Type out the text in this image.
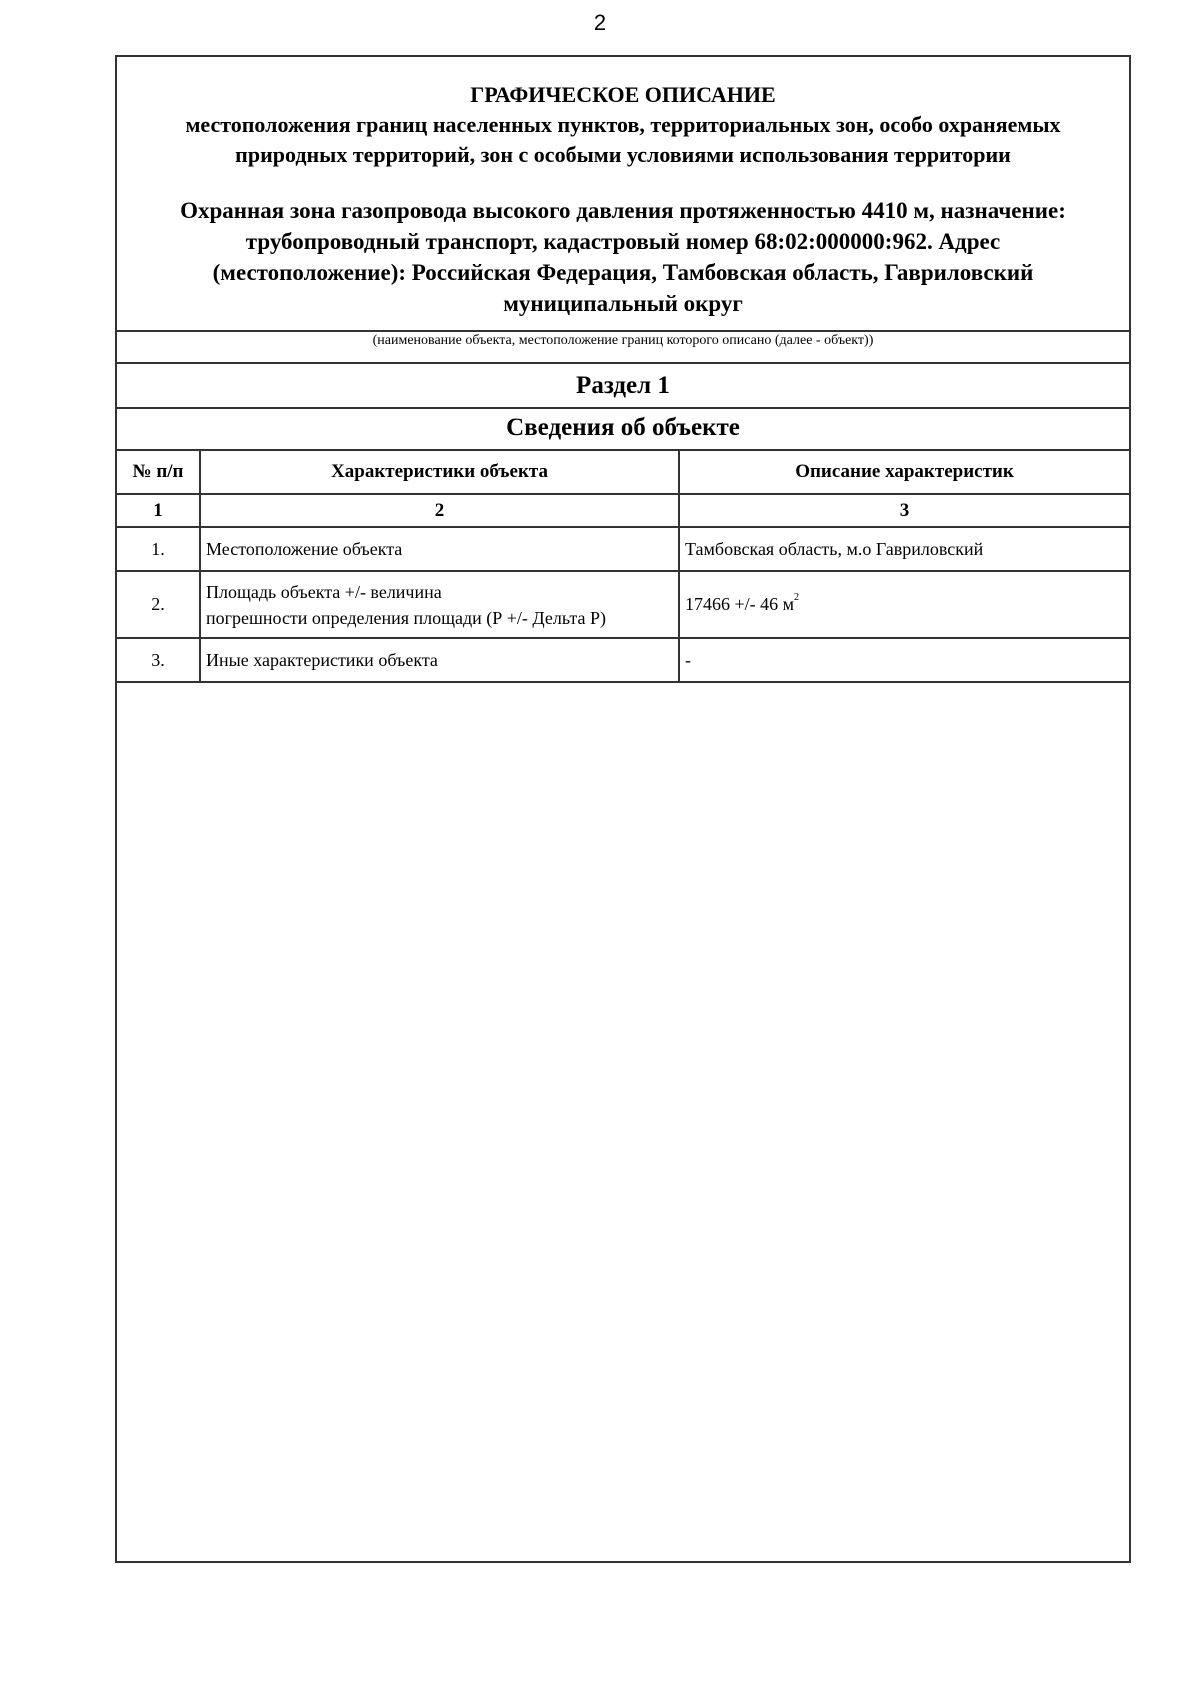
2
ГРАФИЧЕСКОЕ ОПИСАНИЕ
местоположения границ населенных пунктов, территориальных зон, особо охраняемых природных территорий, зон с особыми условиями использования территории
Охранная зона газопровода высокого давления протяженностью 4410 м, назначение: трубопроводный транспорт, кадастровый номер 68:02:000000:962. Адрес (местоположение): Российская Федерация, Тамбовская область, Гавриловский муниципальный округ
(наименование объекта, местоположение границ которого описано (далее - объект))
Раздел 1
Сведения об объекте
№ п/п	Характеристики объекта	Описание характеристик
1	2	3
1.	Местоположение объекта	Тамбовская область, м.о Гавриловский
2.	Площадь объекта +/- величина
погрешности определения площади (Р +/- Дельта Р)	17466 +/- 46 $м^2$
3.	Иные характеристики объекта	-
